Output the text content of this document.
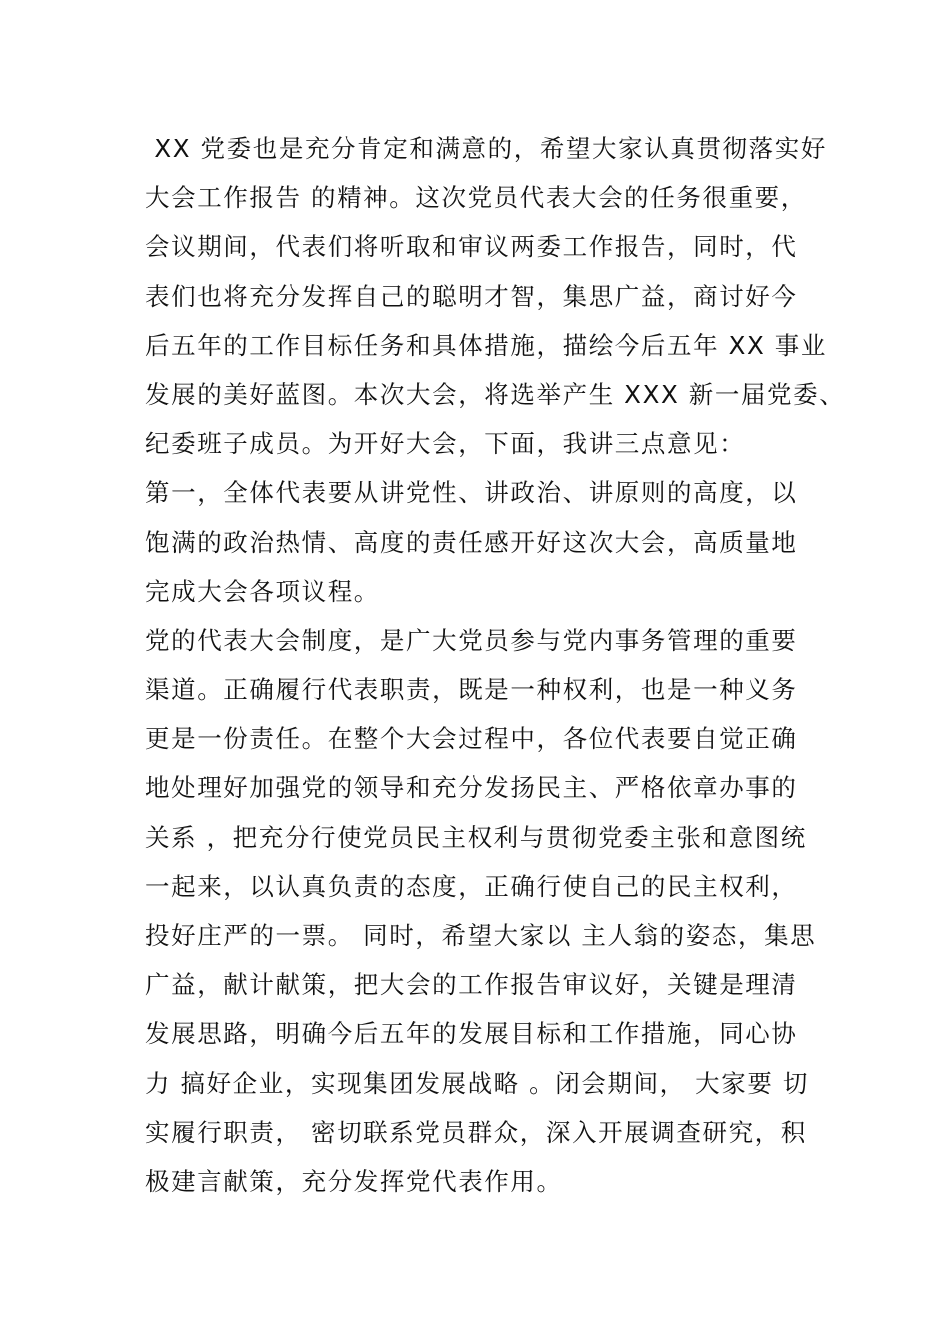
XX 党委也是充分肯定和满意的，希望大家认真贯彻落实好
大会工作报告 的精神。这次党员代表大会的任务很重要，
会议期间，代表们将听取和审议两委工作报告，同时，代
表们也将充分发挥自己的聪明才智，集思广益，商讨好今
后五年的工作目标任务和具体措施，描绘今后五年 XX 事业
发展的美好蓝图。本次大会，将选举产生 XXX 新一届党委、
纪委班子成员。为开好大会，下面，我讲三点意见：
第一，全体代表要从讲党性、讲政治、讲原则的高度，以
饱满的政治热情、高度的责任感开好这次大会，高质量地
完成大会各项议程。
党的代表大会制度，是广大党员参与党内事务管理的重要
渠道。正确履行代表职责，既是一种权利，也是一种义务
更是一份责任。在整个大会过程中，各位代表要自觉正确
地处理好加强党的领导和充分发扬民主、严格依章办事的
关系 ，把充分行使党员民主权利与贯彻党委主张和意图统
一起来，以认真负责的态度，正确行使自己的民主权利，
投好庄严的一票。 同时，希望大家以 主人翁的姿态，集思
广益，献计献策，把大会的工作报告审议好，关键是理清
发展思路，明确今后五年的发展目标和工作措施，同心协
力 搞好企业，实现集团发展战略 。闭会期间， 大家要 切
实履行职责， 密切联系党员群众，深入开展调查研究，积
极建言献策，充分发挥党代表作用。
